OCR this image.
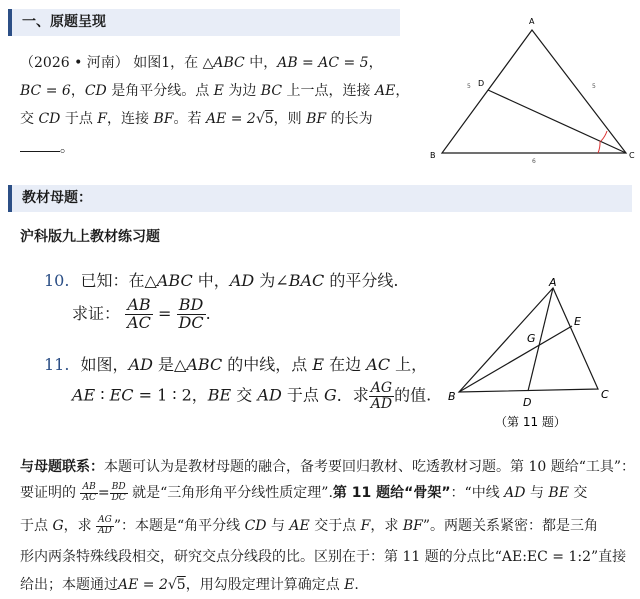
一、原题呈现
（2026 • 河南） 如图1，在 △ABC 中，AB = AC = 5，
BC = 6，CD 是角平分线。点 E 为边 BC 上一点，连接 AE，
交 CD 于点 F，连接 BF。若 AE = 2√5，则 BF 的长为
。
A
B	C
D
5	5
6
教材母题：
沪科版九上教材练习题
10. 已知：在△ABC 中，AD 为∠BAC 的平分线.
求证： $\frac{AB}{AC} = \frac{BD}{DC}$ .
11. 如图，AD 是△ABC 的中线，点 E 在边 AC 上，
AE ∶ EC = 1 ∶ 2，BE 交 AD 于点 G．求 $\frac{AG}{AD}$ 的值.
A
B	C
D
E
G
（第 11 题）
与母题联系：本题可认为是教材母题的融合，备考要回归教材、吃透教材习题。第 10 题给“工具”：
要证明的 $\frac{AB}{AC} = \frac{BD}{DC}$ 就是“三角形角平分线性质定理”.第 11 题给“骨架”：“中线 AD 与 BE 交
于点 G，求 $\frac{AG}{AD}$ ”：本题是“角平分线 CD 与 AE 交于点 F，求 BF”。两题关系紧密：都是三角
形内两条特殊线段相交，研究交点分线段的比。区别在于：第 11 题的分点比“AE:EC = 1:2”直接
给出；本题通过AE = 2√5，用勾股定理计算确定点 E.
